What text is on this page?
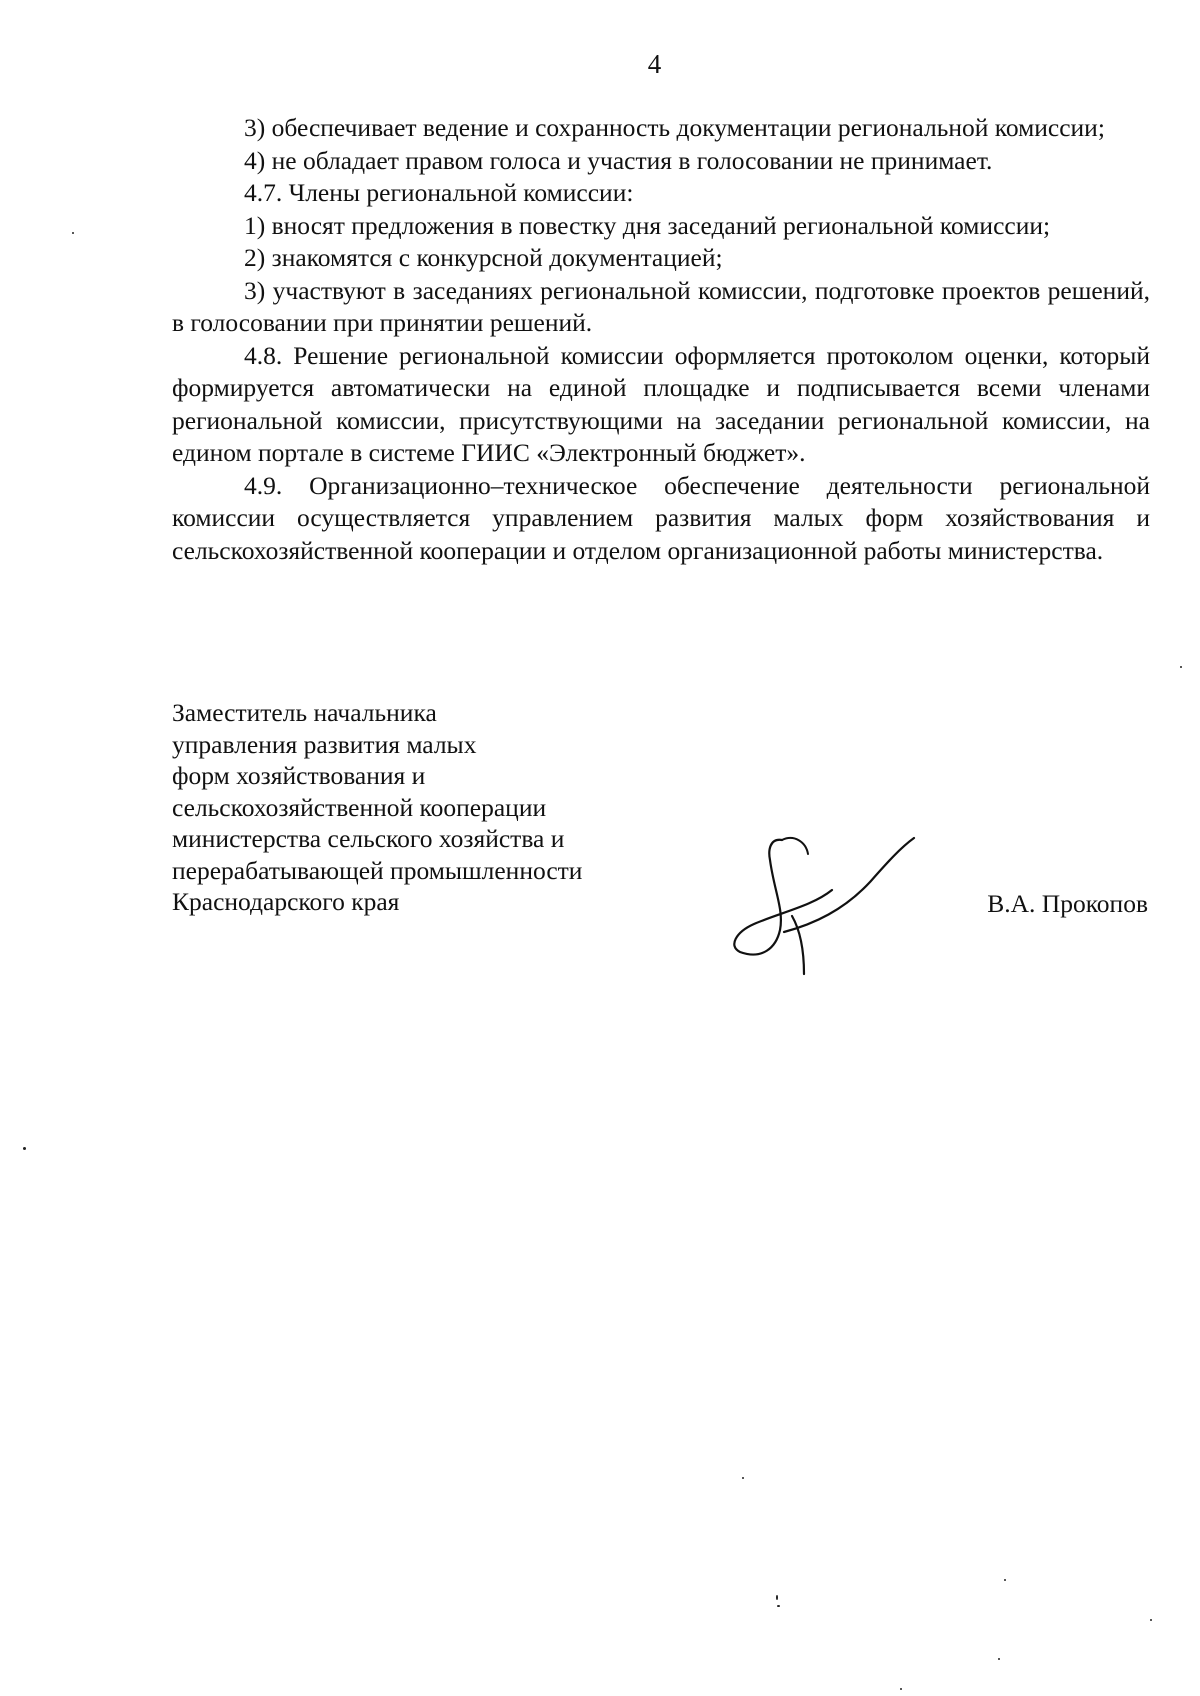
4

3) обеспечивает ведение и сохранность документации региональной комиссии;

4) не обладает правом голоса и участия в голосовании не принимает.

4.7. Члены региональной комиссии:

1) вносят предложения в повестку дня заседаний региональной комиссии;

2) знакомятся с конкурсной документацией;

3) участвуют в заседаниях региональной комиссии, подготовке проектов решений, в голосовании при принятии решений.

4.8. Решение региональной комиссии оформляется протоколом оценки, который формируется автоматически на единой площадке и подписывается всеми членами региональной комиссии, присутствующими на заседании региональной комиссии, на едином портале в системе ГИИС «Электронный бюджет».

4.9. Организационно–техническое обеспечение деятельности региональной комиссии осуществляется управлением развития малых форм хозяйствования и сельскохозяйственной кооперации и отделом организационной работы министерства.

Заместитель начальника
управления развития малых
форм хозяйствования и
сельскохозяйственной кооперации
министерства сельского хозяйства и
перерабатывающей промышленности
Краснодарского края	В.А. Прокопов
